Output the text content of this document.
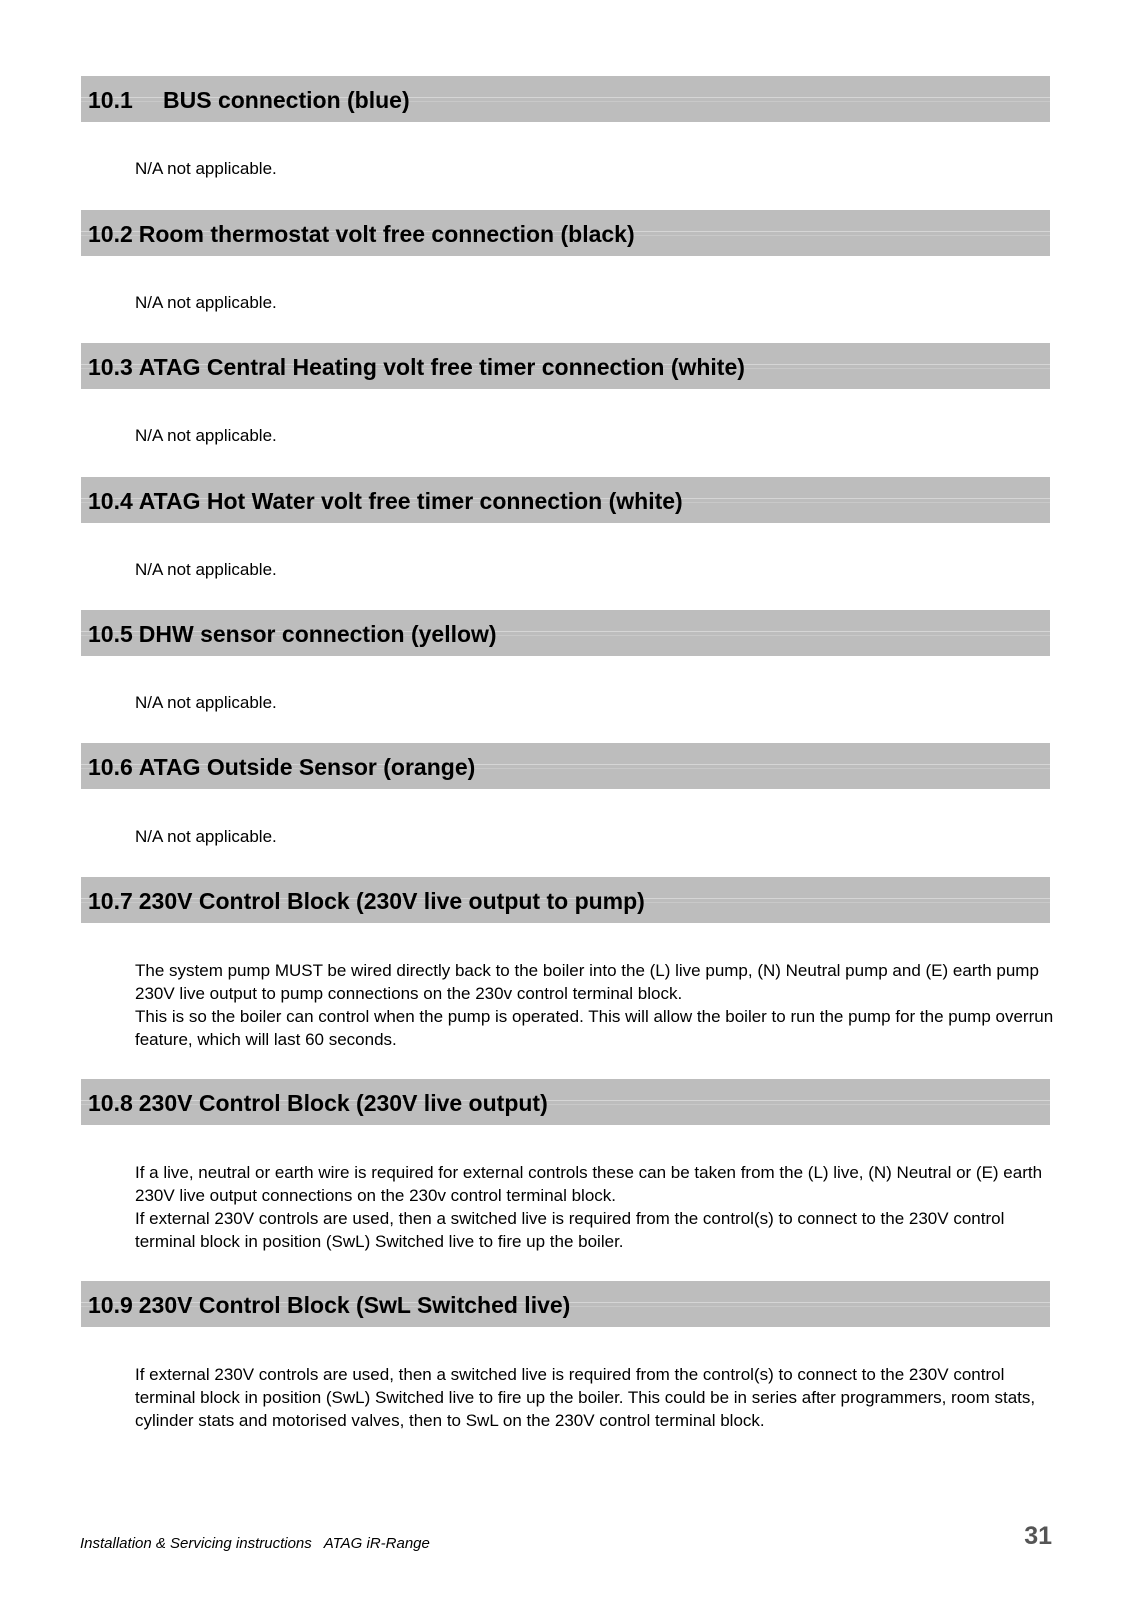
10.1 BUS connection (blue)

N/A not applicable.

10.2 Room thermostat volt free connection (black)

N/A not applicable.

10.3 ATAG Central Heating volt free timer connection (white)

N/A not applicable.

10.4 ATAG Hot Water volt free timer connection (white)

N/A not applicable.

10.5 DHW sensor connection (yellow)

N/A not applicable.

10.6 ATAG Outside Sensor (orange)

N/A not applicable.

10.7 230V Control Block (230V live output to pump)

The system pump MUST be wired directly back to the boiler into the (L) live pump, (N) Neutral pump and (E) earth pump 230V live output to pump connections on the 230v control terminal block.

This is so the boiler can control when the pump is operated. This will allow the boiler to run the pump for the pump overrun feature, which will last 60 seconds.

10.8 230V Control Block (230V live output)

If a live, neutral or earth wire is required for external controls these can be taken from the (L) live, (N) Neutral or (E) earth 230V live output connections on the 230v control terminal block.

If external 230V controls are used, then a switched live is required from the control(s) to connect to the 230V control terminal block in position (SwL) Switched live to fire up the boiler.

10.9 230V Control Block (SwL Switched live)

If external 230V controls are used, then a switched live is required from the control(s) to connect to the 230V control terminal block in position (SwL) Switched live to fire up the boiler. This could be in series after programmers, room stats, cylinder stats and motorised valves, then to SwL on the 230V control terminal block.

Installation & Servicing instructions   ATAG iR-Range	31
